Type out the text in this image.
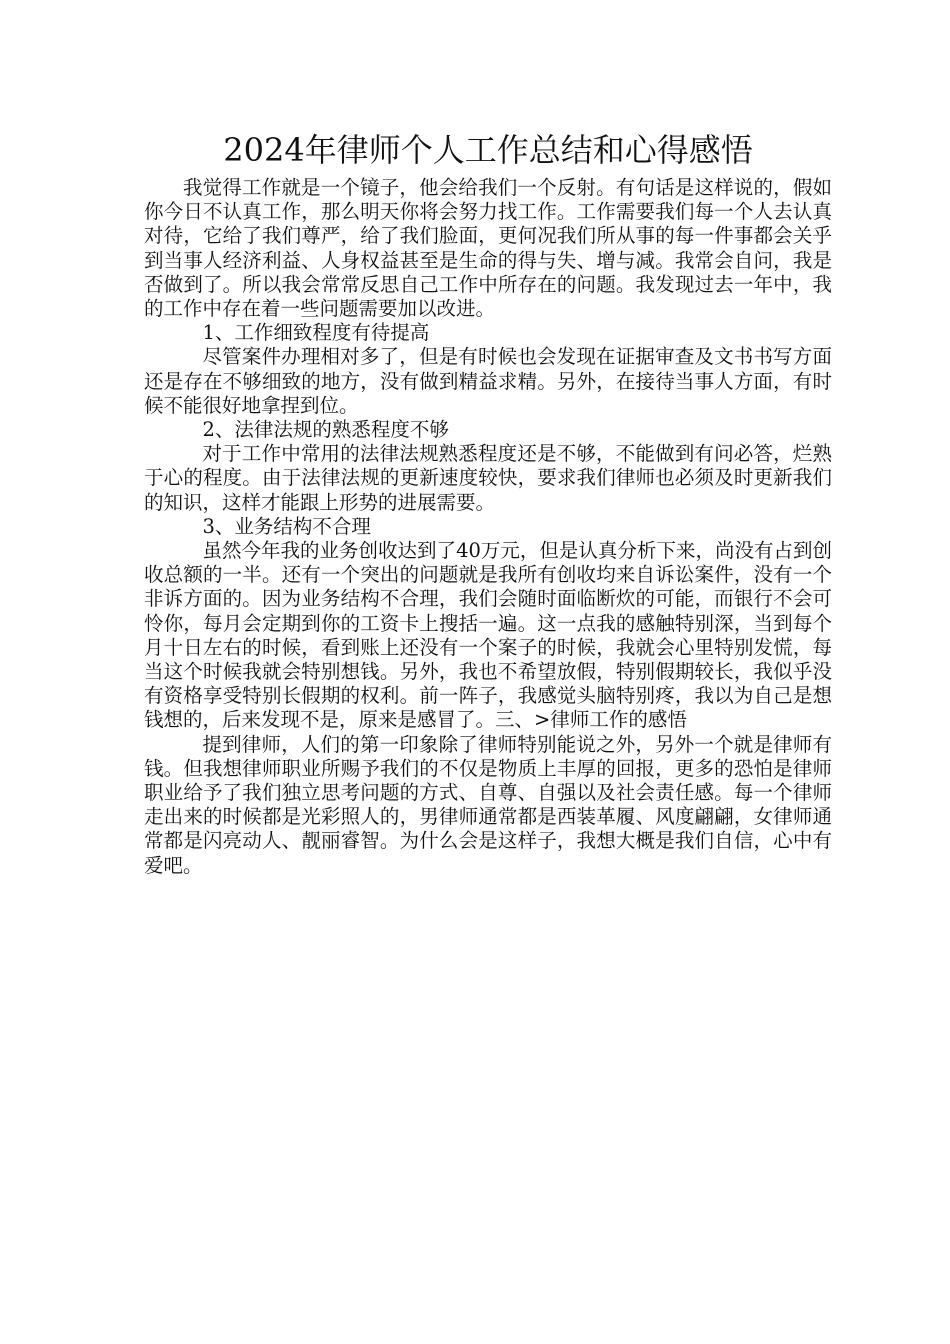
2024年律师个人工作总结和心得感悟

我觉得工作就是一个镜子，他会给我们一个反射。有句话是这样说的，假如你今日不认真工作，那么明天你将会努力找工作。工作需要我们每一个人去认真对待，它给了我们尊严，给了我们脸面，更何况我们所从事的每一件事都会关乎到当事人经济利益、人身权益甚至是生命的得与失、增与减。我常会自问，我是否做到了。所以我会常常反思自己工作中所存在的问题。我发现过去一年中，我的工作中存在着一些问题需要加以改进。

1、工作细致程度有待提高

尽管案件办理相对多了，但是有时候也会发现在证据审查及文书书写方面还是存在不够细致的地方，没有做到精益求精。另外，在接待当事人方面，有时候不能很好地拿捏到位。

2、法律法规的熟悉程度不够

对于工作中常用的法律法规熟悉程度还是不够，不能做到有问必答，烂熟于心的程度。由于法律法规的更新速度较快，要求我们律师也必须及时更新我们的知识，这样才能跟上形势的进展需要。

3、业务结构不合理

虽然今年我的业务创收达到了40万元，但是认真分析下来，尚没有占到创收总额的一半。还有一个突出的问题就是我所有创收均来自诉讼案件，没有一个非诉方面的。因为业务结构不合理，我们会随时面临断炊的可能，而银行不会可怜你，每月会定期到你的工资卡上搜括一遍。这一点我的感触特别深，当到每个月十日左右的时候，看到账上还没有一个案子的时候，我就会心里特别发慌，每当这个时候我就会特别想钱。另外，我也不希望放假，特别假期较长，我似乎没有资格享受特别长假期的权利。前一阵子，我感觉头脑特别疼，我以为自己是想钱想的，后来发现不是，原来是感冒了。三、>律师工作的感悟

提到律师，人们的第一印象除了律师特别能说之外，另外一个就是律师有钱。但我想律师职业所赐予我们的不仅是物质上丰厚的回报，更多的恐怕是律师职业给予了我们独立思考问题的方式、自尊、自强以及社会责任感。每一个律师走出来的时候都是光彩照人的，男律师通常都是西装革履、风度翩翩，女律师通常都是闪亮动人、靓丽睿智。为什么会是这样子，我想大概是我们自信，心中有爱吧。
